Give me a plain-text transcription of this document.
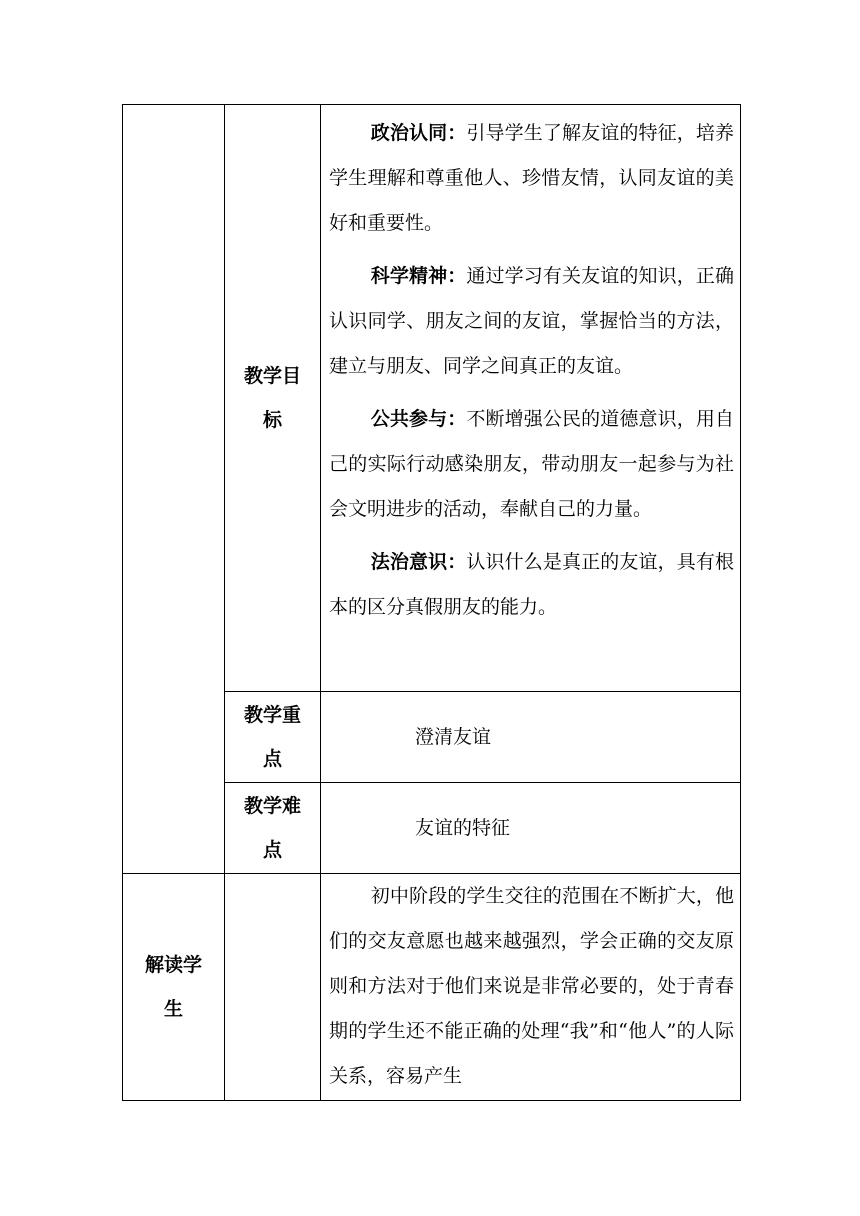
	教学目标	政治认同：引导学生了解友谊的特征，培养学生理解和尊重他人、珍惜友情，认同友谊的美好和重要性。

科学精神：通过学习有关友谊的知识，正确认识同学、朋友之间的友谊，掌握恰当的方法，建立与朋友、同学之间真正的友谊。

公共参与：不断增强公民的道德意识，用自己的实际行动感染朋友，带动朋友一起参与为社会文明进步的活动，奉献自己的力量。

法治意识：认识什么是真正的友谊，具有根本的区分真假朋友的能力。

	教学重点	澄清友谊

	教学难点	友谊的特征

解读学生		初中阶段的学生交往的范围在不断扩大，他们的交友意愿也越来越强烈，学会正确的交友原则和方法对于他们来说是非常必要的，处于青春期的学生还不能正确的处理“我”和“他人”的人际关系，容易产生
